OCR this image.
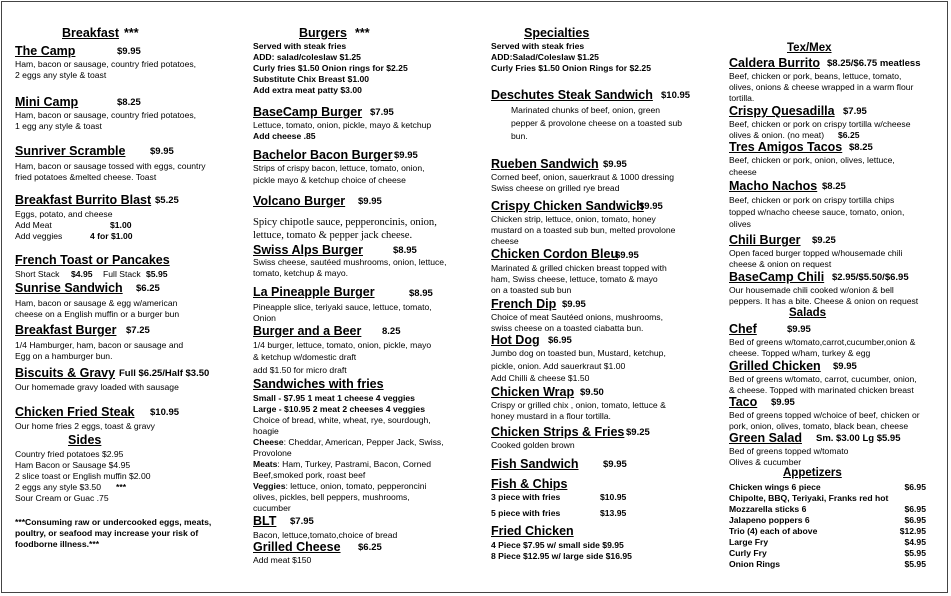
Breakfast ***
The Camp	$9.95
Ham, bacon or sausage, country fried potatoes,
2 eggs any style & toast
Mini Camp	$8.25
Ham, bacon or sausage, country fried potatoes,
1 egg any style & toast
Sunriver Scramble	$9.95
Ham, bacon or sausage tossed with eggs, country
fried potatoes &melted cheese. Toast
Breakfast Burrito Blast $5.25
Eggs, potato, and cheese
Add Meat	$1.00
Add veggies	4 for $1.00
French Toast or Pancakes
Short Stack $4.95 Full Stack $5.95
Sunrise Sandwich $6.25
Ham, bacon or sausage & egg w/american
cheese on a English muffin or a burger bun
Breakfast Burger $7.25
1/4 Hamburger, ham, bacon or sausage and
Egg on a hamburger bun.
Biscuits & Gravy Full $6.25/Half $3.50
Our homemade gravy loaded with sausage
Chicken Fried Steak $10.95
Our home fries 2 eggs, toast & gravy
Sides
Country fried potatoes $2.95
Ham Bacon or Sausage $4.95
2 slice toast or English muffin $2.00
2 eggs any style $3.50 ***
Sour Cream or Guac .75
***Consuming raw or undercooked eggs, meats,
poultry, or seafood may increase your risk of
foodborne illness.***
Burgers ***
Served with steak fries
ADD: salad/coleslaw $1.25
Curly fries $1.50 Onion rings for $2.25
Substitute Chix Breast $1.00
Add extra meat patty $3.00
BaseCamp Burger $7.95
Lettuce, tomato, onion, pickle, mayo & ketchup
Add cheese .85
Bachelor Bacon Burger $9.95
Strips of crispy bacon, lettuce, tomato, onion,
pickle mayo & ketchup choice of cheese
Volcano Burger $9.95
Spicy chipotle sauce, pepperoncinis, onion,
lettuce, tomato & pepper jack cheese.
Swiss Alps Burger	$8.95
Swiss cheese, sautéed mushrooms, onion, lettuce,
tomato, ketchup & mayo.
La Pineapple Burger	$8.95
Pineapple slice, teriyaki sauce, lettuce, tomato,
Onion
Burger and a Beer 8.25
1/4 burger, lettuce, tomato, onion, pickle, mayo
& ketchup w/domestic draft
add $1.50 for micro draft
Sandwiches with fries
Small - $7.95 1 meat 1 cheese 4 veggies
Large - $10.95 2 meat 2 cheeses 4 veggies
Choice of bread, white, wheat, rye, sourdough,
hoagie
Cheese: Cheddar, American, Pepper Jack, Swiss,
Provolone
Meats: Ham, Turkey, Pastrami, Bacon, Corned
Beef,smoked pork, roast beef
Veggies: lettuce, onion, tomato, pepperoncini
olives, pickles, bell peppers, mushrooms,
cucumber
BLT $7.95
Bacon, lettuce,tomato,choice of bread
Grilled Cheese $6.25
Add meat $150
Specialties
Served with steak fries
ADD:Salad/Coleslaw $1.25
Curly Fries $1.50 Onion Rings for $2.25
Deschutes Steak Sandwich $10.95
Marinated chunks of beef, onion, green
pepper & provolone cheese on a toasted sub
bun.
Rueben Sandwich $9.95
Corned beef, onion, sauerkraut & 1000 dressing
Swiss cheese on grilled rye bread
Crispy Chicken Sandwich
$9.95
Chicken strip, lettuce, onion, tomato, honey
mustard on a toasted sub bun, melted provolone
cheese
Chicken Cordon Bleu
$9.95
Marinated & grilled chicken breast topped with
ham, Swiss cheese, lettuce, tomato & mayo
on a toasted sub bun
French Dip $9.95
Choice of meat Sautéed onions, mushrooms,
swiss cheese on a toasted ciabatta bun.
Hot Dog $6.95
Jumbo dog on toasted bun, Mustard, ketchup,
pickle, onion. Add sauerkraut $1.00
Add Chilli & cheese $1.50
Chicken Wrap $9.50
Crispy or grilled chix , onion, tomato, lettuce &
honey mustard in a flour tortilla.
Chicken Strips & Fries $9.25
Cooked golden brown
Fish Sandwich	$9.95
Fish & Chips
3 piece with fries	$10.95
5 piece with fries	$13.95
Fried Chicken
4 Piece $7.95 w/ small side $9.95
8 Piece $12.95 w/ large side $16.95
Tex/Mex
Caldera Burrito $8.25/$6.75 meatless
Beef, chicken or pork, beans, lettuce, tomato,
olives, onions & cheese wrapped in a warm flour
tortilla.
Crispy Quesadilla $7.95
Beef, chicken or pork on crispy tortilla w/cheese
olives & onion. (no meat) $6.25
Tres Amigos Tacos $8.25
Beef, chicken or pork, onion, olives, lettuce,
cheese
Macho Nachos $8.25
Beef, chicken or pork on crispy tortilla chips
topped w/nacho cheese sauce, tomato, onion,
olives
Chili Burger $9.25
Open faced burger topped w/housemade chili
cheese & onion on request
BaseCamp Chili $2.95/$5.50/$6.95
Our housemade chili cooked w/onion & bell
peppers. It has a bite. Cheese & onion on request
Salads
Chef	$9.95
Bed of greens w/tomato,carrot,cucumber,onion &
cheese. Topped w/ham, turkey & egg
Grilled Chicken $9.95
Bed of greens w/tomato, carrot, cucumber, onion,
& cheese. Topped with marinated chicken breast
Taco $9.95
Bed of greens topped w/choice of beef, chicken or
pork, onion, olives, tomato, black bean, cheese
Green Salad Sm. $3.00 Lg $5.95
Bed of greens topped w/tomato
Olives & cucumber
Appetizers
Chicken wings 6 piece	$6.95
Chipolte, BBQ, Teriyaki, Franks red hot
Mozzarella sticks 6	$6.95
Jalapeno poppers 6	$6.95
Trio (4) each of above	$12.95
Large Fry	$4.95
Curly Fry	$5.95
Onion Rings	$5.95
